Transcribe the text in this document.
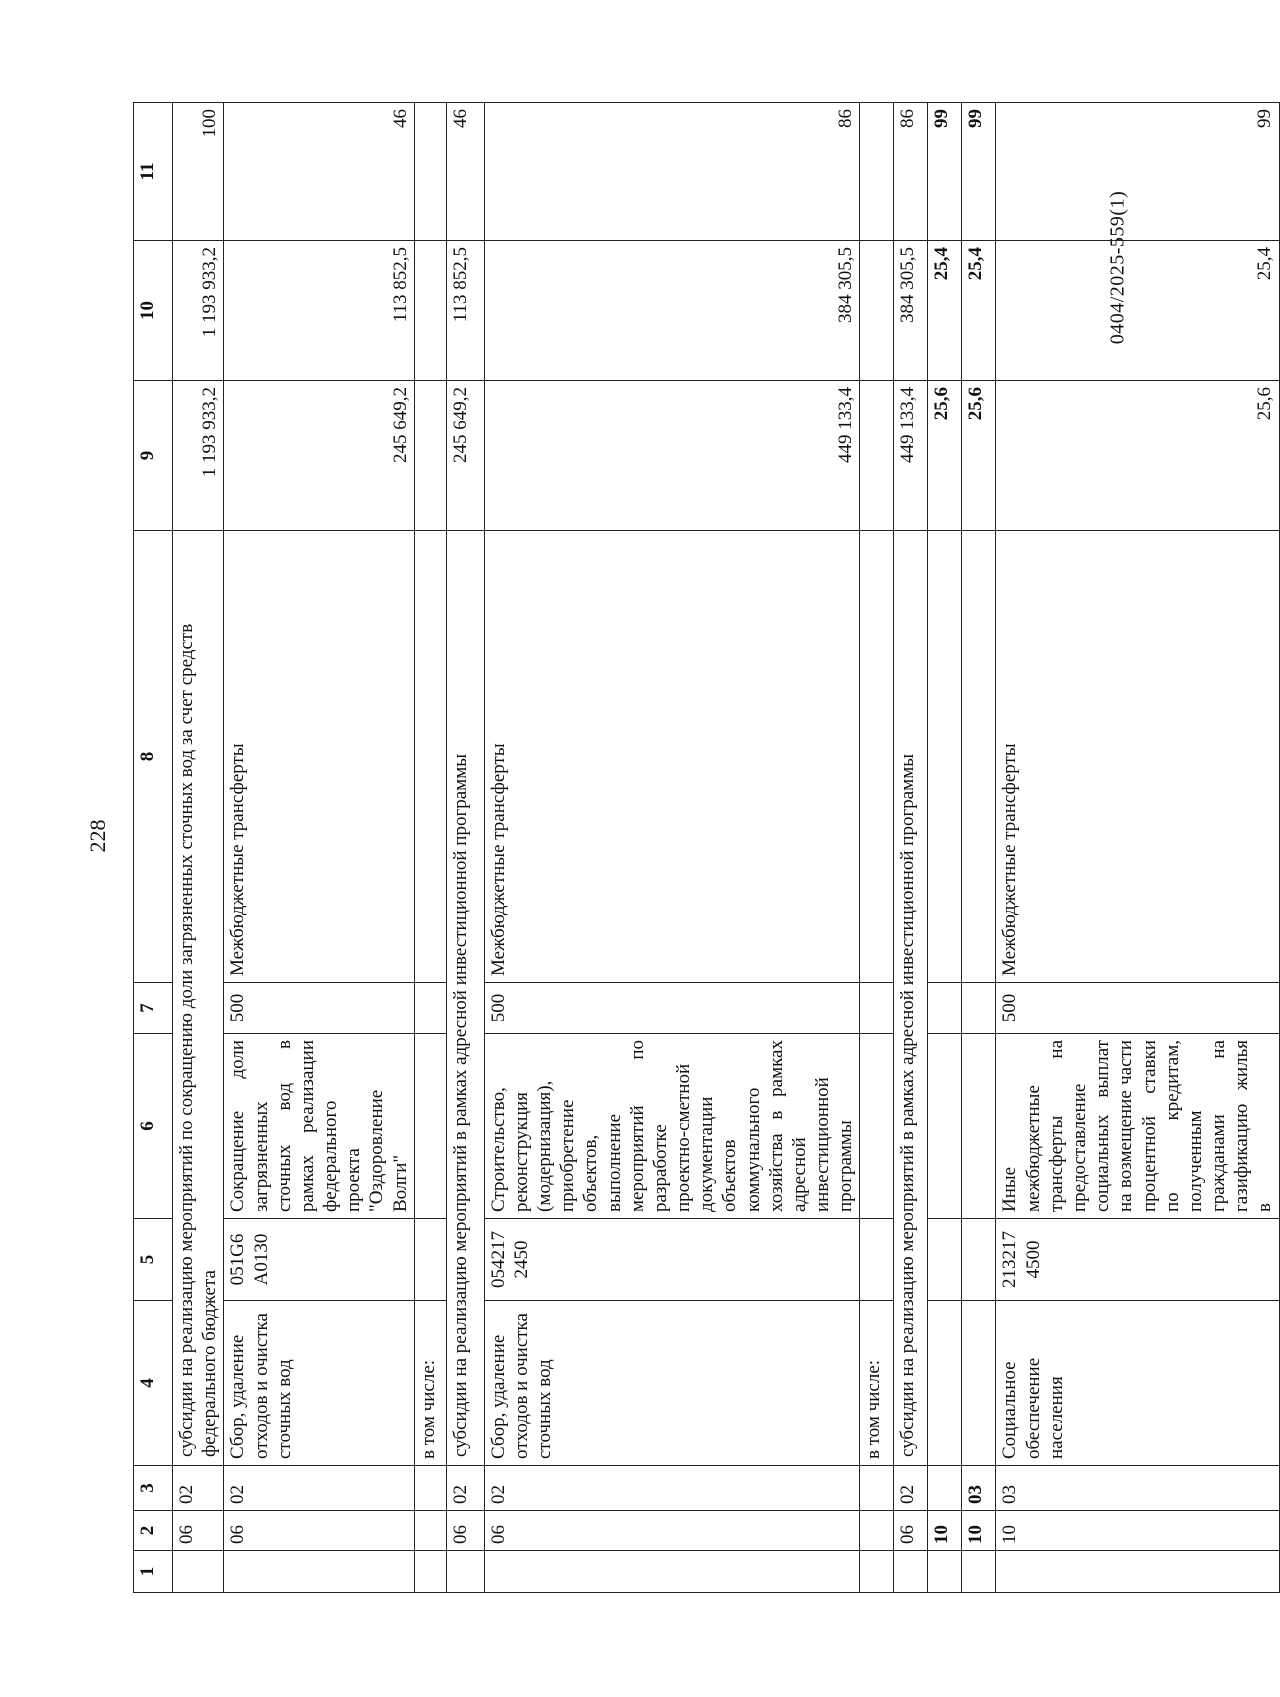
228
0404/2025-559(1)
1	2	3	4	5	6	7	8	9	10	11
	06	02	субсидии на реализацию мероприятий по сокращению доли загрязненных сточных вод за счет средств федерального бюджета					1 193 933,2	1 193 933,2	100
	06	02	Сбор, удаление отходов и очистка сточных вод	051G6 А0130	Сокращение доли загрязненных сточных вод в рамках реализации федерального проекта "Оздоровление Волги"	500	Межбюджетные трансферты	245 649,2	113 852,5	46
			в том числе:							
	06	02	субсидии на реализацию мероприятий в рамках адресной инвестиционной программы					245 649,2	113 852,5	46
	06	02	Сбор, удаление отходов и очистка сточных вод	054217 2450	Строительство, реконструкция (модернизация), приобретение объектов, выполнение мероприятий по разработке проектно-сметной документации объектов коммунального хозяйства в рамках адресной инвестиционной программы	500	Межбюджетные трансферты	449 133,4	384 305,5	86
			в том числе:							
	06	02	субсидии на реализацию мероприятий в рамках адресной инвестиционной программы					449 133,4	384 305,5	86
	10							25,6	25,4	99
	10	03						25,6	25,4	99
	10	03	Социальное обеспечение населения	213217 4500	Иные межбюджетные трансферты на предоставление социальных выплат на возмещение части процентной ставки по кредитам, полученным гражданами на газификацию жилья в	500	Межбюджетные трансферты	25,6	25,4	99
